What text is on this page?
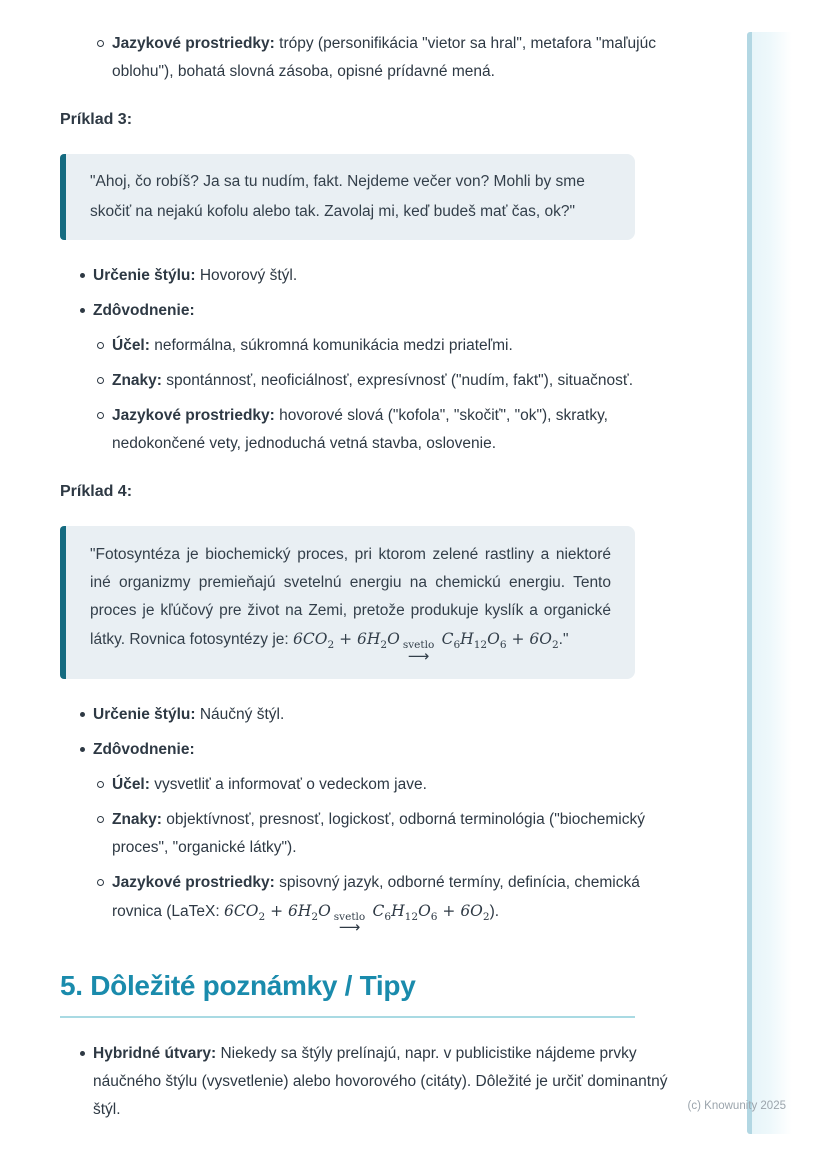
Jazykové prostriedky: trópy (personifikácia "vietor sa hral", metafora "maľujúc oblohu"), bohatá slovná zásoba, opisné prídavné mená.

Príklad 3:

"Ahoj, čo robíš? Ja sa tu nudím, fakt. Nejdeme večer von? Mohli by sme skočiť na nejakú kofolu alebo tak. Zavolaj mi, keď budeš mať čas, ok?"
Určenie štýlu: Hovorový štýl.
Zdôvodnenie:
Účel: neformálna, súkromná komunikácia medzi priateľmi.
Znaky: spontánnosť, neoficiálnosť, expresívnosť ("nudím, fakt"), situačnosť.
Jazykové prostriedky: hovorové slová ("kofola", "skočiť", "ok"), skratky, nedokončené vety, jednoduchá vetná stavba, oslovenie.

Príklad 4:

"Fotosyntéza je biochemický proces, pri ktorom zelené rastliny a niektoré iné organizmy premieňajú svetelnú energiu na chemickú energiu. Tento proces je kľúčový pre život na Zemi, pretože produkuje kyslík a organické látky. Rovnica fotosyntézy je: $6CO_2 + 6H_2O$ svetlo
⟶
$C_6H_{12}O_6 + 6O_2$."
Určenie štýlu: Náučný štýl.
Zdôvodnenie:
Účel: vysvetliť a informovať o vedeckom jave.
Znaky: objektívnosť, presnosť, logickosť, odborná terminológia ("biochemický proces", "organické látky").
Jazykové prostriedky: spisovný jazyk, odborné termíny, definícia, chemická rovnica (LaTeX: $6CO_2 + 6H_2O$ svetlo
⟶
$C_6H_{12}O_6 + 6O_2$).
5. Dôležité poznámky / Tipy
Hybridné útvary: Niekedy sa štýly prelínajú, napr. v publicistike nájdeme prvky náučného štýlu (vysvetlenie) alebo hovorového (citáty). Dôležité je určiť dominantný štýl.	(c) Knowunity 2025
